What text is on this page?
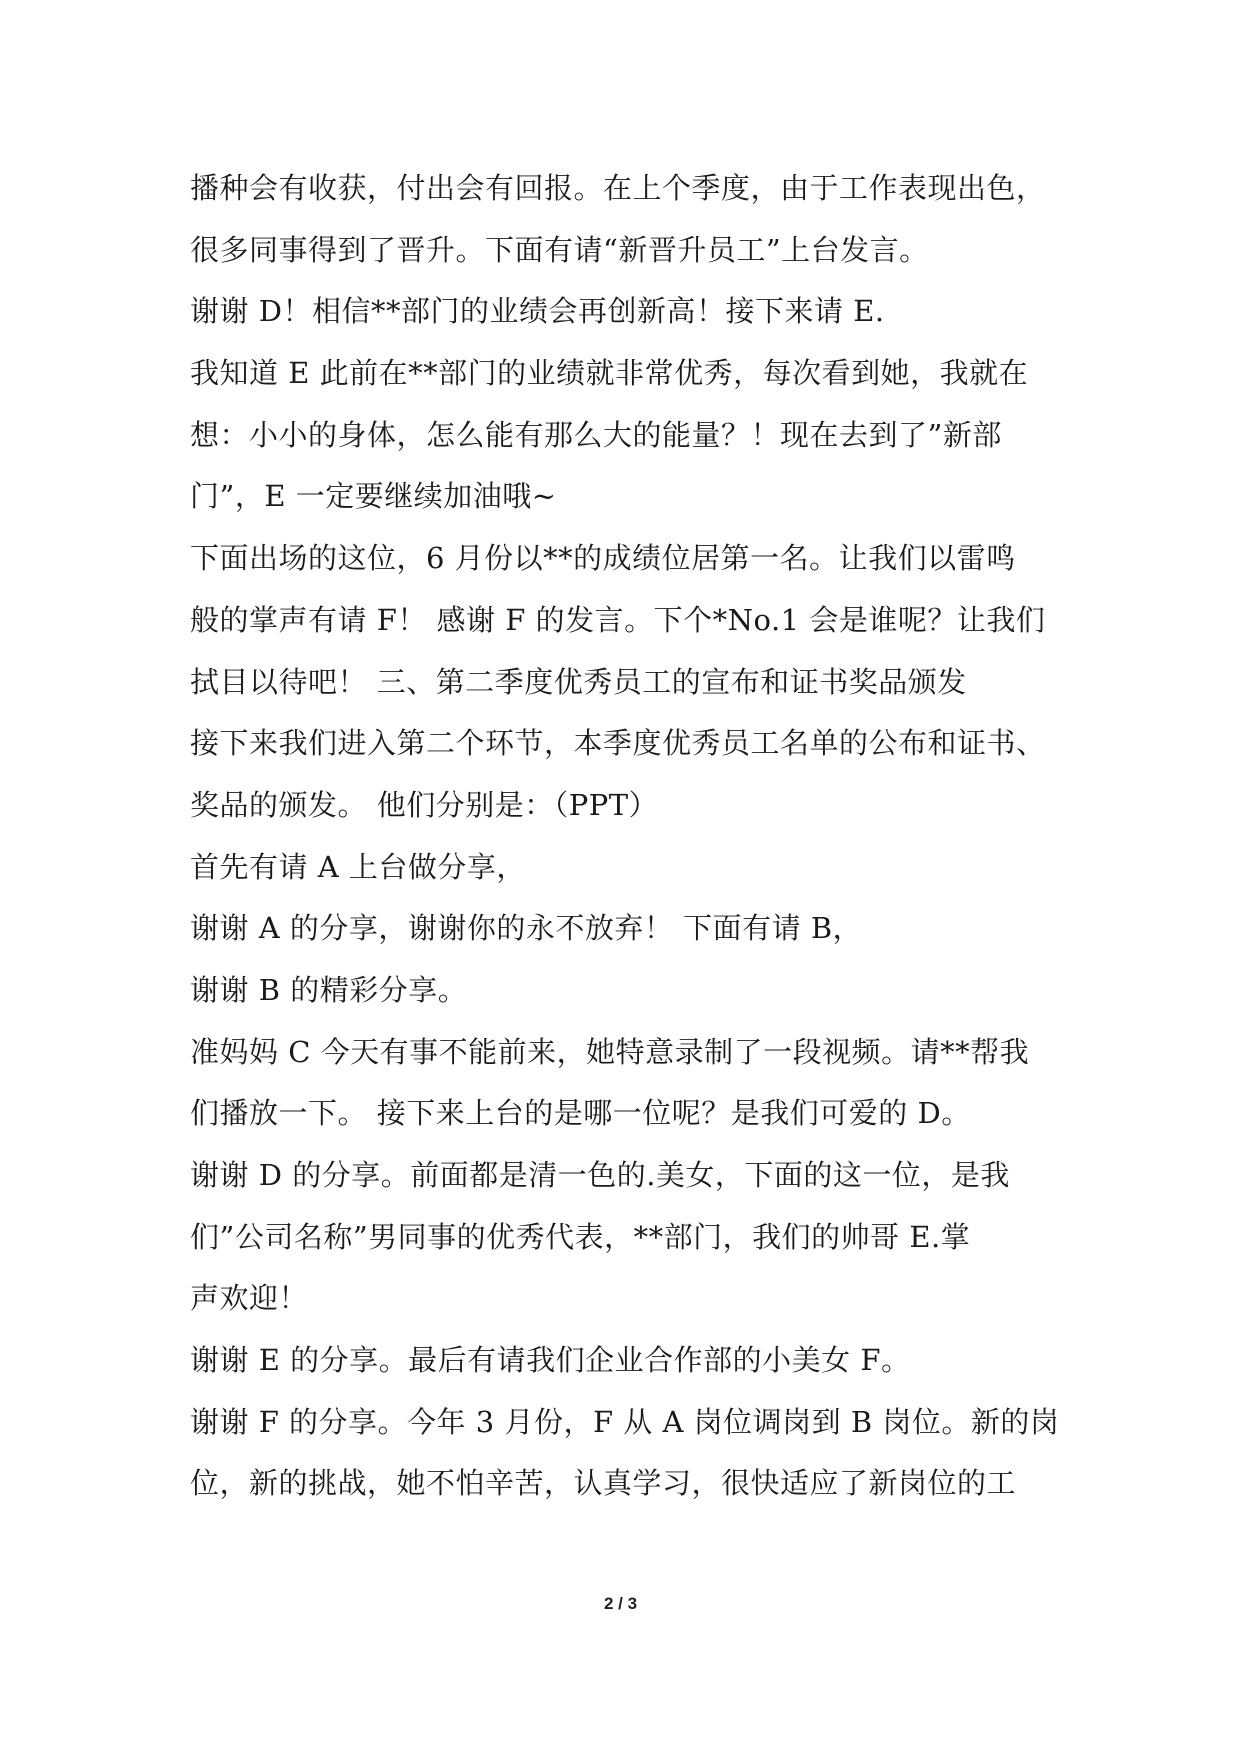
播种会有收获，付出会有回报。在上个季度，由于工作表现出色，
很多同事得到了晋升。下面有请“新晋升员工”上台发言。
谢谢 D！相信**部门的业绩会再创新高！接下来请 E.
我知道 E 此前在**部门的业绩就非常优秀，每次看到她，我就在
想：小小的身体，怎么能有那么大的能量？！现在去到了”新部
门”，E 一定要继续加油哦~
下面出场的这位，6 月份以**的成绩位居第一名。让我们以雷鸣
般的掌声有请 F！ 感谢 F 的发言。下个*No.1 会是谁呢？让我们
拭目以待吧！ 三、第二季度优秀员工的宣布和证书奖品颁发
接下来我们进入第二个环节，本季度优秀员工名单的公布和证书、
奖品的颁发。 他们分别是：（PPT）
首先有请 A 上台做分享，
谢谢 A 的分享，谢谢你的永不放弃！ 下面有请 B，
谢谢 B 的精彩分享。
准妈妈 C 今天有事不能前来，她特意录制了一段视频。请**帮我
们播放一下。 接下来上台的是哪一位呢？是我们可爱的 D。
谢谢 D 的分享。前面都是清一色的.美女，下面的这一位，是我
们”公司名称”男同事的优秀代表，**部门，我们的帅哥 E.掌
声欢迎！
谢谢 E 的分享。最后有请我们企业合作部的小美女 F。
谢谢 F 的分享。今年 3 月份，F 从 A 岗位调岗到 B 岗位。新的岗
位，新的挑战，她不怕辛苦，认真学习，很快适应了新岗位的工
2 / 3
